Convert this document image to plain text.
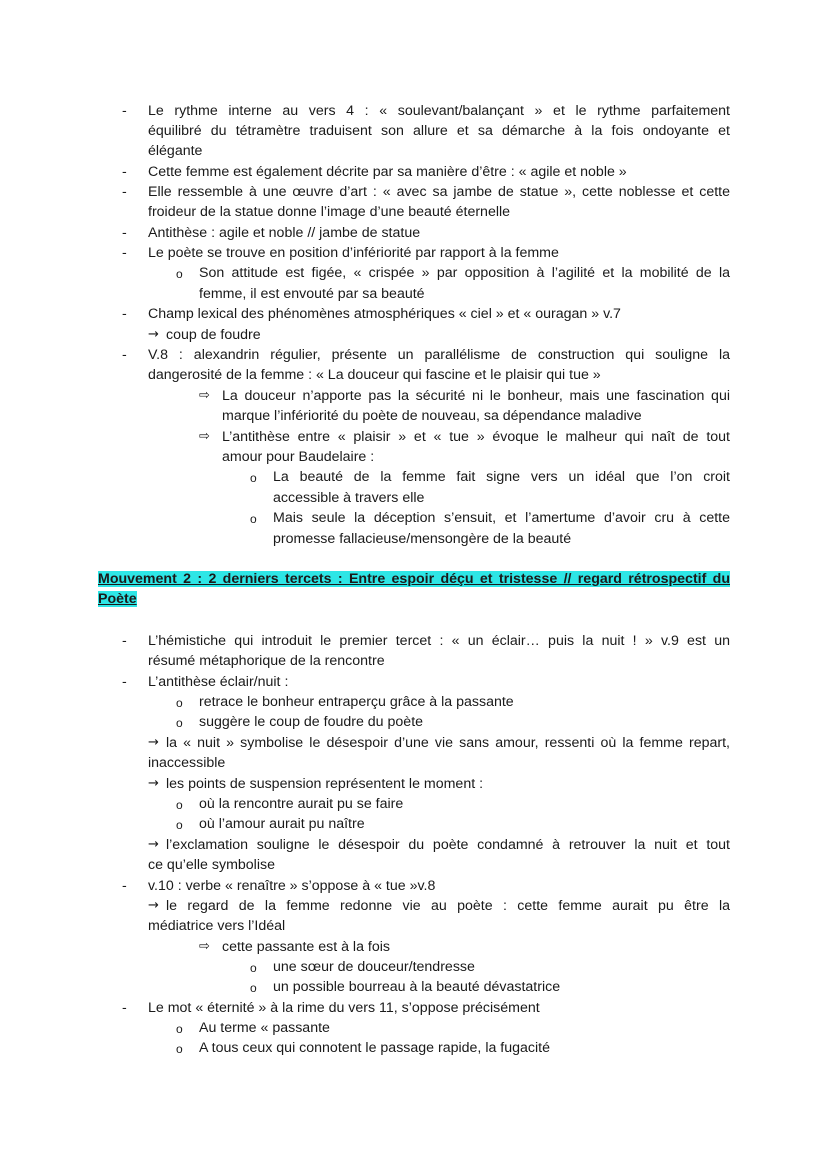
- Le rythme interne au vers 4 : « soulevant/balançant » et le rythme parfaitement
équilibré du tétramètre traduisent son allure et sa démarche à la fois ondoyante et
élégante
- Cette femme est également décrite par sa manière d’être : « agile et noble »
- Elle ressemble à une œuvre d’art : « avec sa jambe de statue », cette noblesse et cette
froideur de la statue donne l’image d’une beauté éternelle
- Antithèse : agile et noble // jambe de statue
- Le poète se trouve en position d’infériorité par rapport à la femme
o Son attitude est figée, « crispée » par opposition à l’agilité et la mobilité de la
femme, il est envouté par sa beauté
- Champ lexical des phénomènes atmosphériques « ciel » et « ouragan » v.7
→ coup de foudre
- V.8 : alexandrin régulier, présente un parallélisme de construction qui souligne la
dangerosité de la femme : « La douceur qui fascine et le plaisir qui tue »
⇨ La douceur n’apporte pas la sécurité ni le bonheur, mais une fascination qui
marque l’infériorité du poète de nouveau, sa dépendance maladive
⇨ L’antithèse entre « plaisir » et « tue » évoque le malheur qui naît de tout
amour pour Baudelaire :
o La beauté de la femme fait signe vers un idéal que l’on croit
accessible à travers elle
o Mais seule la déception s’ensuit, et l’amertume d’avoir cru à cette
promesse fallacieuse/mensongère de la beauté
Mouvement 2 : 2 derniers tercets : Entre espoir déçu et tristesse // regard rétrospectif du
Poète
- L’hémistiche qui introduit le premier tercet : « un éclair… puis la nuit ! » v.9 est un
résumé métaphorique de la rencontre
- L’antithèse éclair/nuit :
o retrace le bonheur entraperçu grâce à la passante
o suggère le coup de foudre du poète
→ la « nuit » symbolise le désespoir d’une vie sans amour, ressenti où la femme repart,
inaccessible
→ les points de suspension représentent le moment :
o où la rencontre aurait pu se faire
o où l’amour aurait pu naître
→ l’exclamation souligne le désespoir du poète condamné à retrouver la nuit et tout
ce qu’elle symbolise
- v.10 : verbe « renaître » s’oppose à « tue »v.8
→ le regard de la femme redonne vie au poète : cette femme aurait pu être la
médiatrice vers l’Idéal
⇨ cette passante est à la fois
o une sœur de douceur/tendresse
o un possible bourreau à la beauté dévastatrice
- Le mot « éternité » à la rime du vers 11, s’oppose précisément
o Au terme « passante
o A tous ceux qui connotent le passage rapide, la fugacité
